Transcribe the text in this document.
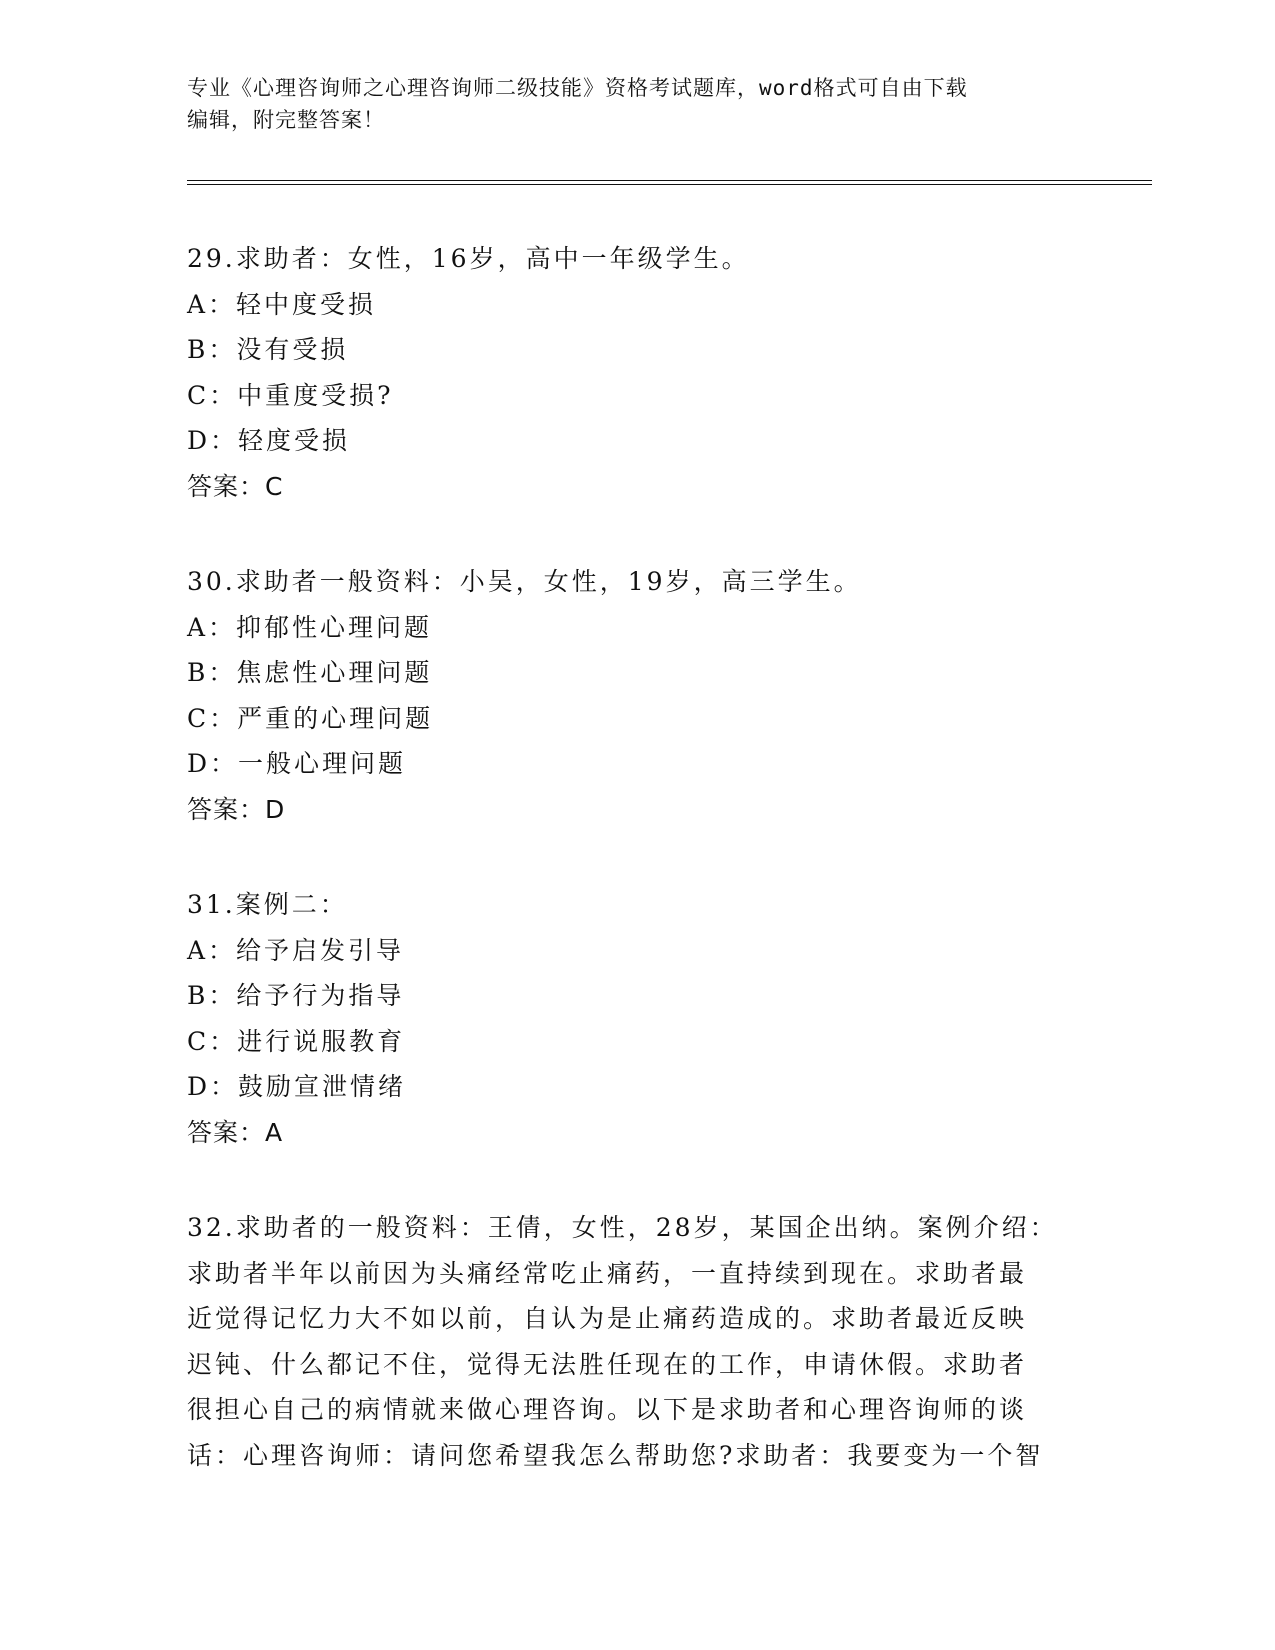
专业《心理咨询师之心理咨询师二级技能》资格考试题库，word格式可自由下载
编辑，附完整答案！
29.求助者：女性，16岁，高中一年级学生。
A：轻中度受损
B：没有受损
C：中重度受损?
D：轻度受损
答案：C
30.求助者一般资料：小吴，女性，19岁，高三学生。
A：抑郁性心理问题
B：焦虑性心理问题
C：严重的心理问题
D：一般心理问题
答案：D
31.案例二：
A：给予启发引导
B：给予行为指导
C：进行说服教育
D：鼓励宣泄情绪
答案：A
32.求助者的一般资料：王倩，女性，28岁，某国企出纳。案例介绍：
求助者半年以前因为头痛经常吃止痛药，一直持续到现在。求助者最
近觉得记忆力大不如以前，自认为是止痛药造成的。求助者最近反映
迟钝、什么都记不住，觉得无法胜任现在的工作，申请休假。求助者
很担心自己的病情就来做心理咨询。以下是求助者和心理咨询师的谈
话：心理咨询师：请问您希望我怎么帮助您?求助者：我要变为一个智
